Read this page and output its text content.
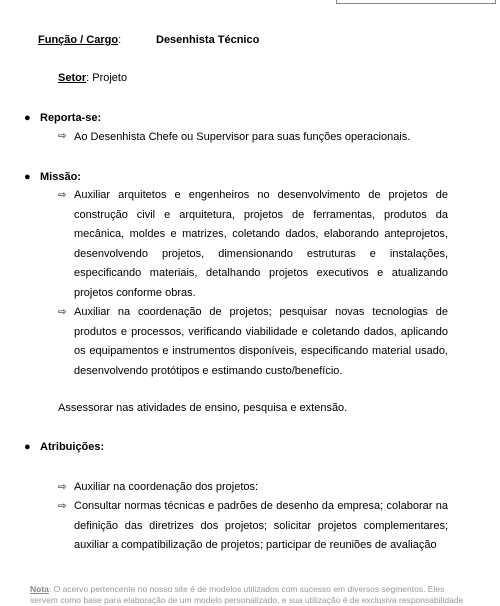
Função / Cargo:	Desenhista Técnico
Setor: Projeto
● Reporta-se:
⇨ Ao Desenhista Chefe ou Supervisor para suas funções operacionais.
● Missão:
⇨ Auxiliar arquitetos e engenheiros no desenvolvimento de projetos de construção civil e arquitetura, projetos de ferramentas, produtos da mecânica, moldes e matrizes, coletando dados, elaborando anteprojetos, desenvolvendo projetos, dimensionando estruturas e instalações, especificando materiais, detalhando projetos executivos e atualizando projetos conforme obras.
⇨ Auxiliar na coordenação de projetos; pesquisar novas tecnologias de produtos e processos, verificando viabilidade e coletando dados, aplicando os equipamentos e instrumentos disponíveis, especificando material usado, desenvolvendo protótipos e estimando custo/benefício.
Assessorar nas atividades de ensino, pesquisa e extensão.
● Atribuições:
⇨ Auxiliar na coordenação dos projetos:
⇨ Consultar normas técnicas e padrões de desenho da empresa; colaborar na definição das diretrizes dos projetos; solicitar projetos complementares; auxiliar a compatibilização de projetos; participar de reuniões de avaliação
Nota: O acervo pertencente no nosso site é de modelos utilizados com sucesso em diversos segmentos. Eles servem como base para elaboração de um modelo personalizado, e sua utilização é de exclusiva responsabilidade
